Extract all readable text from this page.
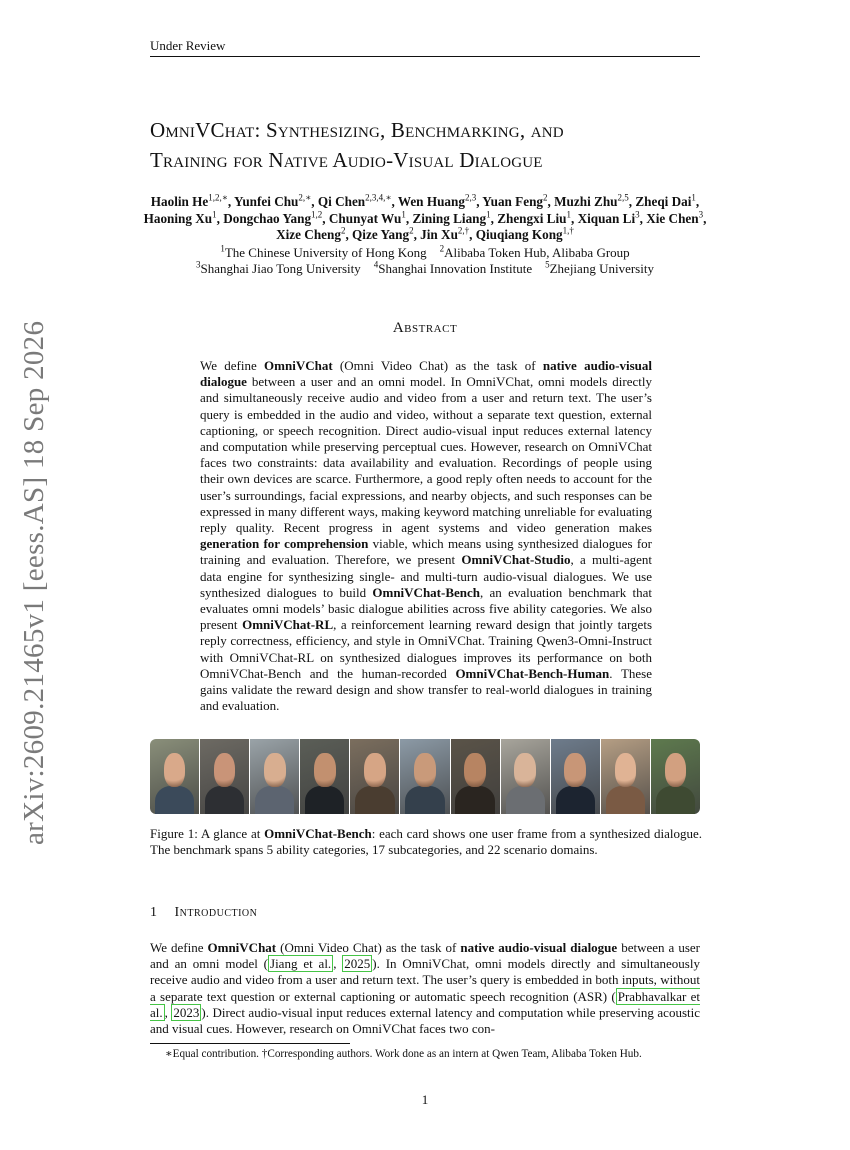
Under Review
OmniVChat: Synthesizing, Benchmarking, and
Training for Native Audio-Visual Dialogue
Haolin $He^{1,2,∗}$, Yunfei Chu$^{2,∗}$, Qi Chen$^{2,3,4,∗}$, Wen Huang$^{2,3}$, Yuan Feng$^2$, Muzhi Zhu$^{2,5}$, Zheqi Dai$^1$, Haoning Xu$^1$, Dongchao Yang$^{1,2}$, Chunyat Wu$^1$, Zining Liang$^1$, Zhengxi Liu$^1$, Xiquan Li$^3$, Xie Chen$^3$, Xize Cheng$^2$, Qize Yang$^2$, Jin $Xu^{2,\dagger}$, Qiuqiang Kong$^{1,\dagger}$
$^1$The Chinese University of Hong Kong  $^2$Alibaba Token Hub, Alibaba Group
$^3$Shanghai Jiao Tong University  $^4$Shanghai Innovation Institute  $^5$Zhejiang University
Abstract
We define OmniVChat (Omni Video Chat) as the task of native audio-visual dialogue between a user and an omni model. In OmniVChat, omni models directly and simultaneously receive audio and video from a user and return text. The user’s query is embedded in the audio and video, without a separate text question, external captioning, or speech recognition. Direct audio-visual input reduces external latency and computation while preserving perceptual cues. However, research on OmniVChat faces two constraints: data availability and evaluation. Recordings of people using their own devices are scarce. Furthermore, a good reply often needs to account for the user’s surroundings, facial expressions, and nearby objects, and such responses can be expressed in many different ways, making keyword matching unreliable for evaluating reply quality. Recent progress in agent systems and video generation makes generation for comprehension viable, which means using synthesized dialogues for training and evaluation. Therefore, we present OmniVChat-Studio, a multi-agent data engine for synthesizing single- and multi-turn audio-visual dialogues. We use synthesized dialogues to build OmniVChat-Bench, an evaluation benchmark that evaluates omni models’ basic dialogue abilities across five ability categories. We also present OmniVChat-RL, a reinforcement learning reward design that jointly targets reply correctness, efficiency, and style in OmniVChat. Training Qwen3-Omni-Instruct with OmniVChat-RL on synthesized dialogues improves its performance on both OmniVChat-Bench and the human-recorded OmniVChat-Bench-Human. These gains validate the reward design and show transfer to real-world dialogues in training and evaluation.
arXiv:2609.21465v1 [eess.AS] 18 Sep 2026	Figure 1: A glance at OmniVChat-Bench: each card shows one user frame from a synthesized dialogue. The benchmark spans 5 ability categories, 17 subcategories, and 22 scenario domains.
1 Introduction
We define OmniVChat (Omni Video Chat) as the task of native audio-visual dialogue between a user and an omni model ( Jiang et al. , 2025 ). In OmniVChat, omni models directly and simultaneously receive audio and video from a user and return text. The user’s query is embedded in both inputs, without a separate text question or external captioning or automatic speech recognition (ASR) ( Prabhavalkar et al. , 2023 ). Direct audio-visual input reduces external latency and computation while preserving acoustic and visual cues. However, research on OmniVChat faces two con-
∗Equal contribution. †Corresponding authors. Work done as an intern at Qwen Team, Alibaba Token Hub.
1
